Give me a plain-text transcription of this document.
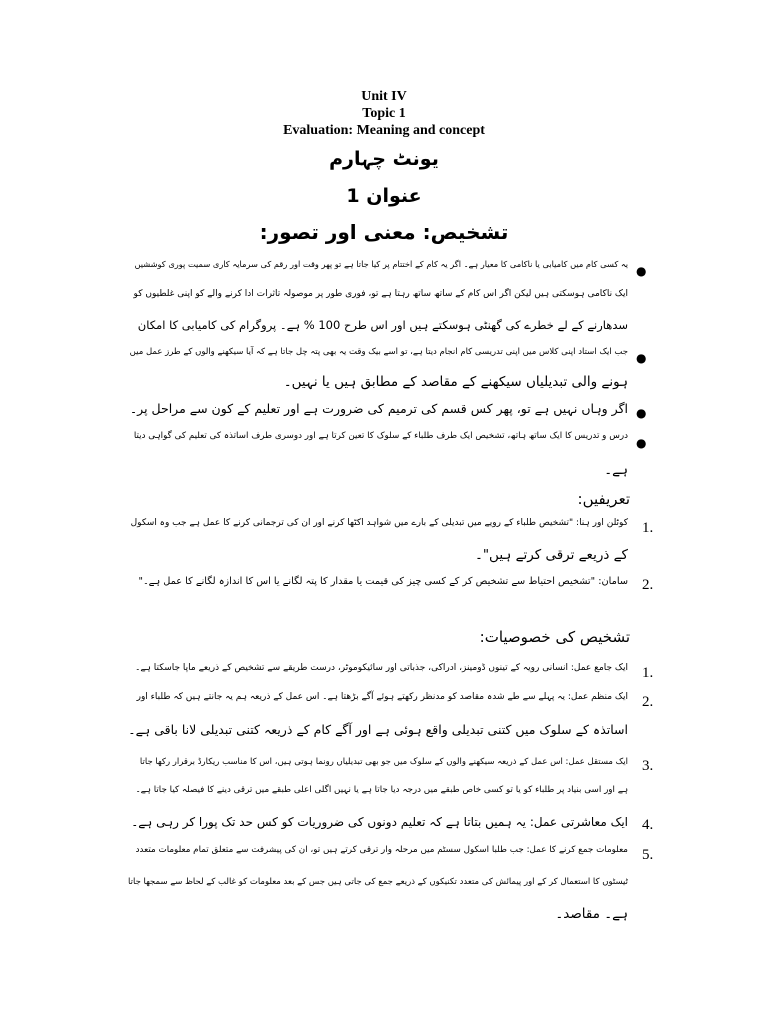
Unit IV
Topic 1
Evaluation: Meaning and concept
یونٹ چہارم
عنوان 1
تشخیص: معنی اور تصور:
●
یہ کسی کام میں کامیابی یا ناکامی کا معیار ہے۔ اگر یہ کام کے اختتام پر کیا جاتا ہے تو پھر وقت اور رقم کی سرمایہ کاری سمیت پوری کوششیں
ایک ناکامی ہوسکتی ہیں لیکن اگر اس کام کے ساتھ ساتھ رہتا ہے تو، فوری طور پر موصولہ تاثرات ادا کرنے والے کو اپنی غلطیوں کو
سدھارنے کے لے خطرے کی گھنٹی ہوسکتے ہیں اور اس طرح 100 % ہے۔ پروگرام کی کامیابی کا امکان
●
جب ایک استاد اپنی کلاس میں اپنی تدریسی کام انجام دیتا ہے، تو اسے بیک وقت یہ بھی پتہ چل جاتا ہے کہ آیا سیکھنے والوں کے طرز عمل میں
ہونے والی تبدیلیاں سیکھنے کے مقاصد کے مطابق ہیں یا نہیں۔
●
اگر وہاں نہیں ہے تو، پھر کس قسم کی ترمیم کی ضرورت ہے اور تعلیم کے کون سے مراحل پر۔
●
درس و تدریس کا ایک ساتھ ہاتھ، تشخیص ایک طرف طلباء کے سلوک کا تعین کرتا ہے اور دوسری طرف اساتذہ کی تعلیم کی گواہی دیتا
ہے۔
تعریفیں:
1.
کوٹلن اور ہنا: "تشخیص طلباء کے رویے میں تبدیلی کے بارے میں شواہد اکٹھا کرنے اور ان کی ترجمانی کرنے کا عمل ہے جب وہ اسکول
کے ذریعے ترقی کرتے ہیں"۔
2.
سامان: "تشخیص احتیاط سے تشخیص کر کے کسی چیز کی قیمت یا مقدار کا پتہ لگانے یا اس کا اندازہ لگانے کا عمل ہے۔"
تشخیص کی خصوصیات:
1.
ایک جامع عمل: انسانی رویہ کے تینوں ڈومینز، ادراکی، جذباتی اور سائیکوموٹر، درست طریقے سے تشخیص کے ذریعے ماپا جاسکتا ہے۔
2.
ایک منظم عمل: یہ پہلے سے طے شدہ مقاصد کو مدنظر رکھتے ہوئے آگے بڑھتا ہے۔ اس عمل کے ذریعہ ہم یہ جانتے ہیں کہ طلباء اور
اساتذہ کے سلوک میں کتنی تبدیلی واقع ہوئی ہے اور آگے کام کے ذریعہ کتنی تبدیلی لانا باقی ہے۔
3.
ایک مستقل عمل: اس عمل کے ذریعہ سیکھنے والوں کے سلوک میں جو بھی تبدیلیاں رونما ہوتی ہیں، اس کا مناسب ریکارڈ برقرار رکھا جاتا
ہے اور اسی بنیاد پر طلباء کو یا تو کسی خاص طبقے میں درجہ دیا جاتا ہے یا نہیں اگلی اعلی طبقے میں ترقی دینے کا فیصلہ کیا جاتا ہے۔
4.
ایک معاشرتی عمل: یہ ہمیں بتاتا ہے کہ تعلیم دونوں کی ضروریات کو کس حد تک پورا کر رہی ہے۔
5.
معلومات جمع کرنے کا عمل: جب طلبا اسکول سسٹم میں مرحلہ وار ترقی کرتے ہیں تو، ان کی پیشرفت سے متعلق تمام معلومات متعدد
ٹیسٹوں کا استعمال کر کے اور پیمائش کی متعدد تکنیکوں کے ذریعے جمع کی جاتی ہیں جس کے بعد معلومات کو غالب کے لحاظ سے سمجھا جاتا
ہے۔ مقاصد۔
